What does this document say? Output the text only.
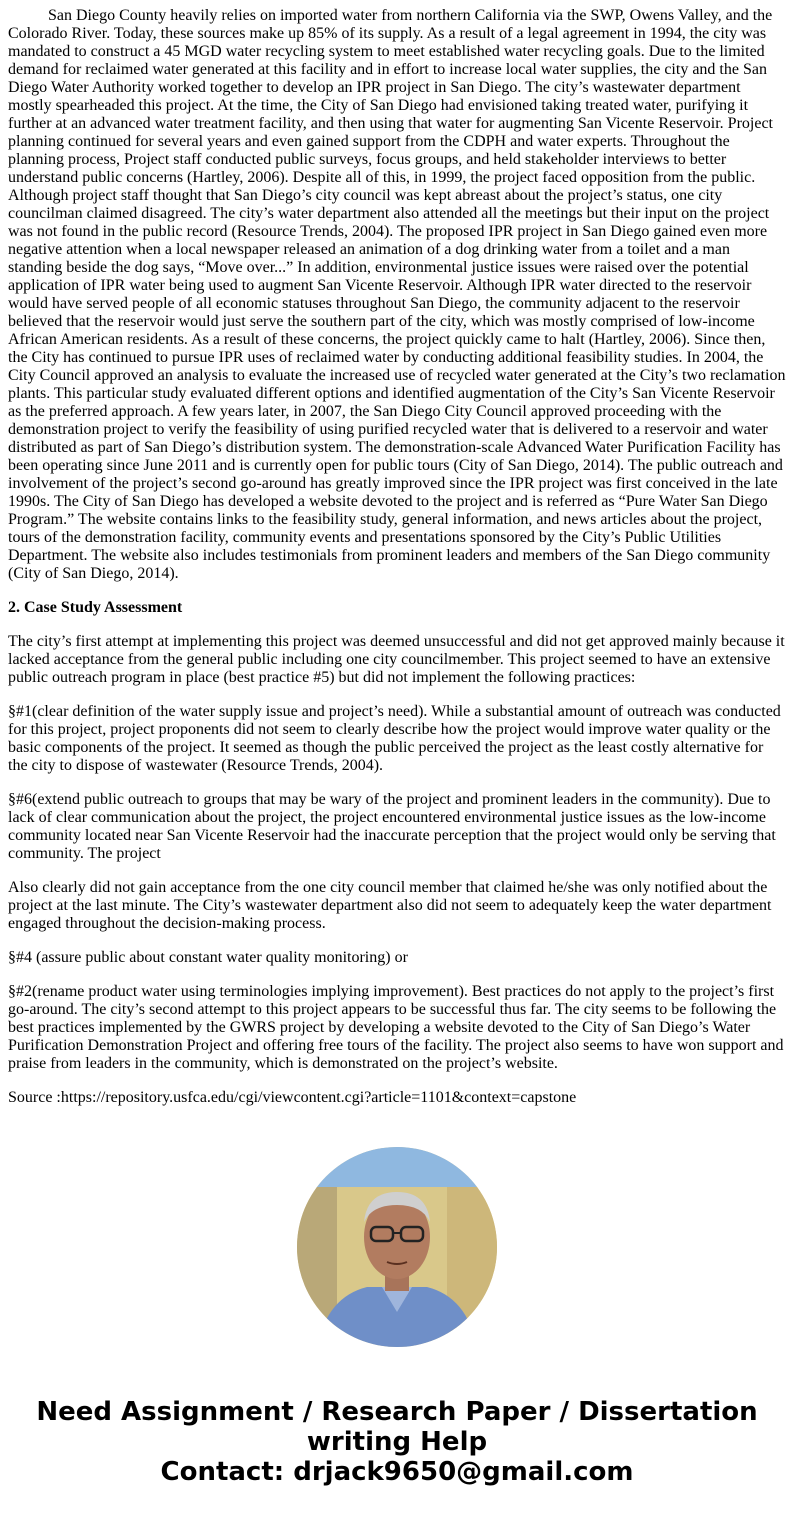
San Diego County heavily relies on imported water from northern California via the SWP, Owens Valley, and the Colorado River. Today, these sources make up 85% of its supply. As a result of a legal agreement in 1994, the city was mandated to construct a 45 MGD water recycling system to meet established water recycling goals. Due to the limited demand for reclaimed water generated at this facility and in effort to increase local water supplies, the city and the San Diego Water Authority worked together to develop an IPR project in San Diego. The city’s wastewater department mostly spearheaded this project. At the time, the City of San Diego had envisioned taking treated water, purifying it further at an advanced water treatment facility, and then using that water for augmenting San Vicente Reservoir. Project planning continued for several years and even gained support from the CDPH and water experts. Throughout the planning process, Project staff conducted public surveys, focus groups, and held stakeholder interviews to better understand public concerns (Hartley, 2006). Despite all of this, in 1999, the project faced opposition from the public. Although project staff thought that San Diego’s city council was kept abreast about the project’s status, one city councilman claimed disagreed. The city’s water department also attended all the meetings but their input on the project was not found in the public record (Resource Trends, 2004). The proposed IPR project in San Diego gained even more negative attention when a local newspaper released an animation of a dog drinking water from a toilet and a man standing beside the dog says, “Move over...” In addition, environmental justice issues were raised over the potential application of IPR water being used to augment San Vicente Reservoir. Although IPR water directed to the reservoir would have served people of all economic statuses throughout San Diego, the community adjacent to the reservoir believed that the reservoir would just serve the southern part of the city, which was mostly comprised of low-income African American residents. As a result of these concerns, the project quickly came to halt (Hartley, 2006). Since then, the City has continued to pursue IPR uses of reclaimed water by conducting additional feasibility studies. In 2004, the City Council approved an analysis to evaluate the increased use of recycled water generated at the City’s two reclamation plants. This particular study evaluated different options and identified augmentation of the City’s San Vicente Reservoir as the preferred approach. A few years later, in 2007, the San Diego City Council approved proceeding with the demonstration project to verify the feasibility of using purified recycled water that is delivered to a reservoir and water distributed as part of San Diego’s distribution system. The demonstration-scale Advanced Water Purification Facility has been operating since June 2011 and is currently open for public tours (City of San Diego, 2014). The public outreach and involvement of the project’s second go-around has greatly improved since the IPR project was first conceived in the late 1990s. The City of San Diego has developed a website devoted to the project and is referred as “Pure Water San Diego Program.” The website contains links to the feasibility study, general information, and news articles about the project, tours of the demonstration facility, community events and presentations sponsored by the City’s Public Utilities Department. The website also includes testimonials from prominent leaders and members of the San Diego community (City of San Diego, 2014).

2. Case Study Assessment

The city’s first attempt at implementing this project was deemed unsuccessful and did not get approved mainly because it lacked acceptance from the general public including one city councilmember. This project seemed to have an extensive public outreach program in place (best practice #5) but did not implement the following practices:

§#1(clear definition of the water supply issue and project’s need). While a substantial amount of outreach was conducted for this project, project proponents did not seem to clearly describe how the project would improve water quality or the basic components of the project. It seemed as though the public perceived the project as the least costly alternative for the city to dispose of wastewater (Resource Trends, 2004).

§#6(extend public outreach to groups that may be wary of the project and prominent leaders in the community). Due to lack of clear communication about the project, the project encountered environmental justice issues as the low-income community located near San Vicente Reservoir had the inaccurate perception that the project would only be serving that community. The project

Also clearly did not gain acceptance from the one city council member that claimed he/she was only notified about the project at the last minute. The City’s wastewater department also did not seem to adequately keep the water department engaged throughout the decision-making process.

§#4 (assure public about constant water quality monitoring) or

§#2(rename product water using terminologies implying improvement). Best practices do not apply to the project’s first go-around. The city’s second attempt to this project appears to be successful thus far. The city seems to be following the best practices implemented by the GWRS project by developing a website devoted to the City of San Diego’s Water Purification Demonstration Project and offering free tours of the facility. The project also seems to have won support and praise from leaders in the community, which is demonstrated on the project’s website.

Source :https://repository.usfca.edu/cgi/viewcontent.cgi?article=1101&context=capstone

Need Assignment / Research Paper / Dissertation writing Help
Contact: drjack9650@gmail.com
